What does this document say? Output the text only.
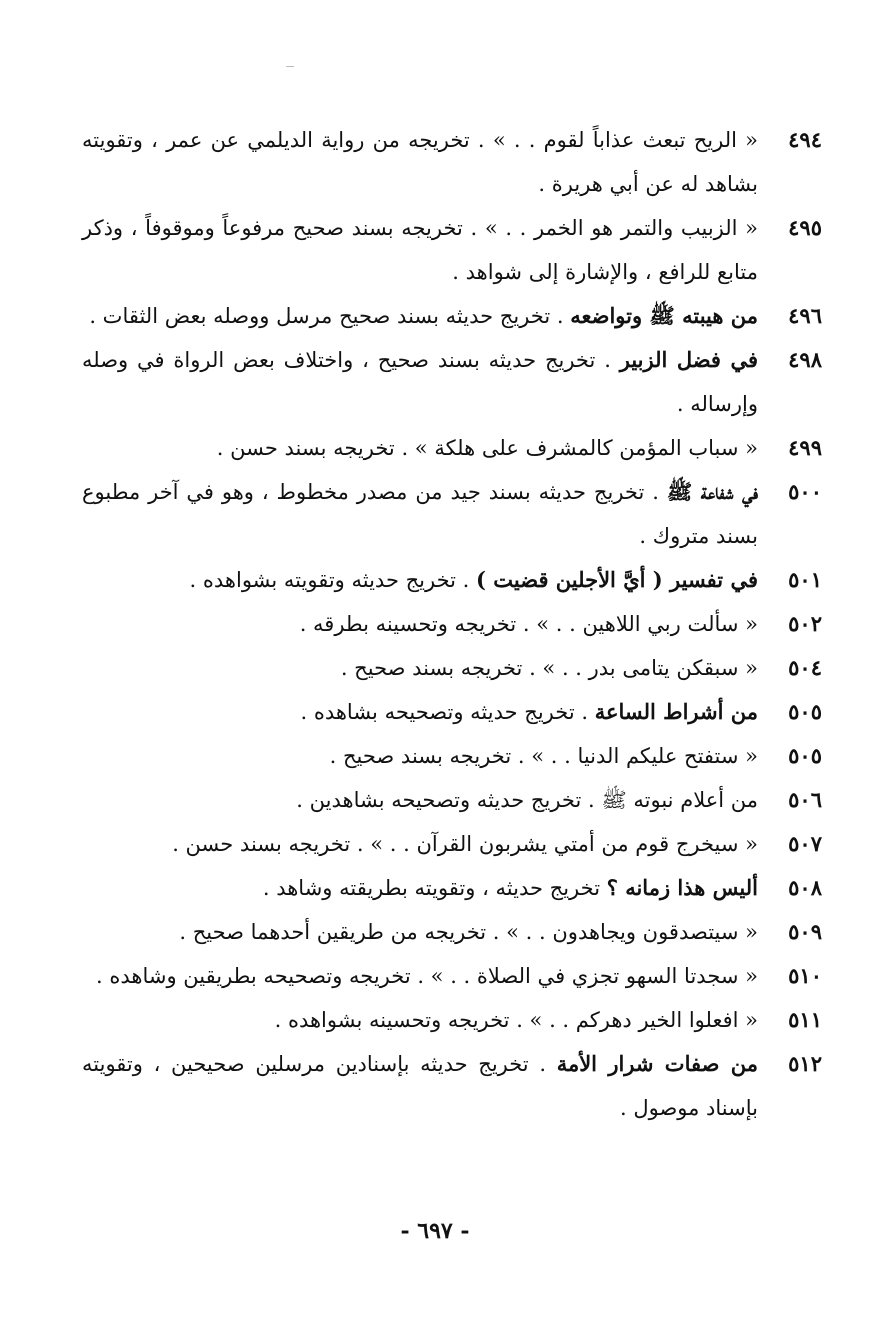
٤٩٤
« الريح تبعث عذاباً لقوم . . » . تخريجه من رواية الديلمي عن عمر ، وتقويته بشاهد له عن أبي هريرة .
٤٩٥
« الزبيب والتمر هو الخمر . . » . تخريجه بسند صحيح مرفوعاً وموقوفاً ، وذكر متابع للرافع ، والإشارة إلى شواهد .
٤٩٦
من هيبته ﷺ وتواضعه . تخريج حديثه بسند صحيح مرسل ووصله بعض الثقات .
٤٩٨
في فضل الزبير . تخريج حديثه بسند صحيح ، واختلاف بعض الرواة في وصله وإرساله .
٤٩٩
« سباب المؤمن كالمشرف على هلكة » . تخريجه بسند حسن .
٥٠٠
في شفاعة ﷺ . تخريج حديثه بسند جيد من مصدر مخطوط ، وهو في آخر مطبوع بسند متروك .
٥٠١
في تفسير ( أيَّ الأجلين قضيت ) . تخريج حديثه وتقويته بشواهده .
٥٠٢
« سألت ربي اللاهين . . » . تخريجه وتحسينه بطرقه .
٥٠٤
« سبقكن يتامى بدر . . » . تخريجه بسند صحيح .
٥٠٥
من أشراط الساعة . تخريج حديثه وتصحيحه بشاهده .
٥٠٥
« ستفتح عليكم الدنيا . . » . تخريجه بسند صحيح .
٥٠٦
من أعلام نبوته ﷺ . تخريج حديثه وتصحيحه بشاهدين .
٥٠٧
« سيخرج قوم من أمتي يشربون القرآن . . » . تخريجه بسند حسن .
٥٠٨
أليس هذا زمانه ؟ تخريج حديثه ، وتقويته بطريقته وشاهد .
٥٠٩
« سيتصدقون ويجاهدون . . » . تخريجه من طريقين أحدهما صحيح .
٥١٠
« سجدتا السهو تجزي في الصلاة . . » . تخريجه وتصحيحه بطريقين وشاهده .
٥١١
« افعلوا الخير دهركم . . » . تخريجه وتحسينه بشواهده .
٥١٢
من صفات شرار الأمة . تخريج حديثه بإسنادين مرسلين صحيحين ، وتقويته بإسناد موصول .
- ٦٩٧ -
